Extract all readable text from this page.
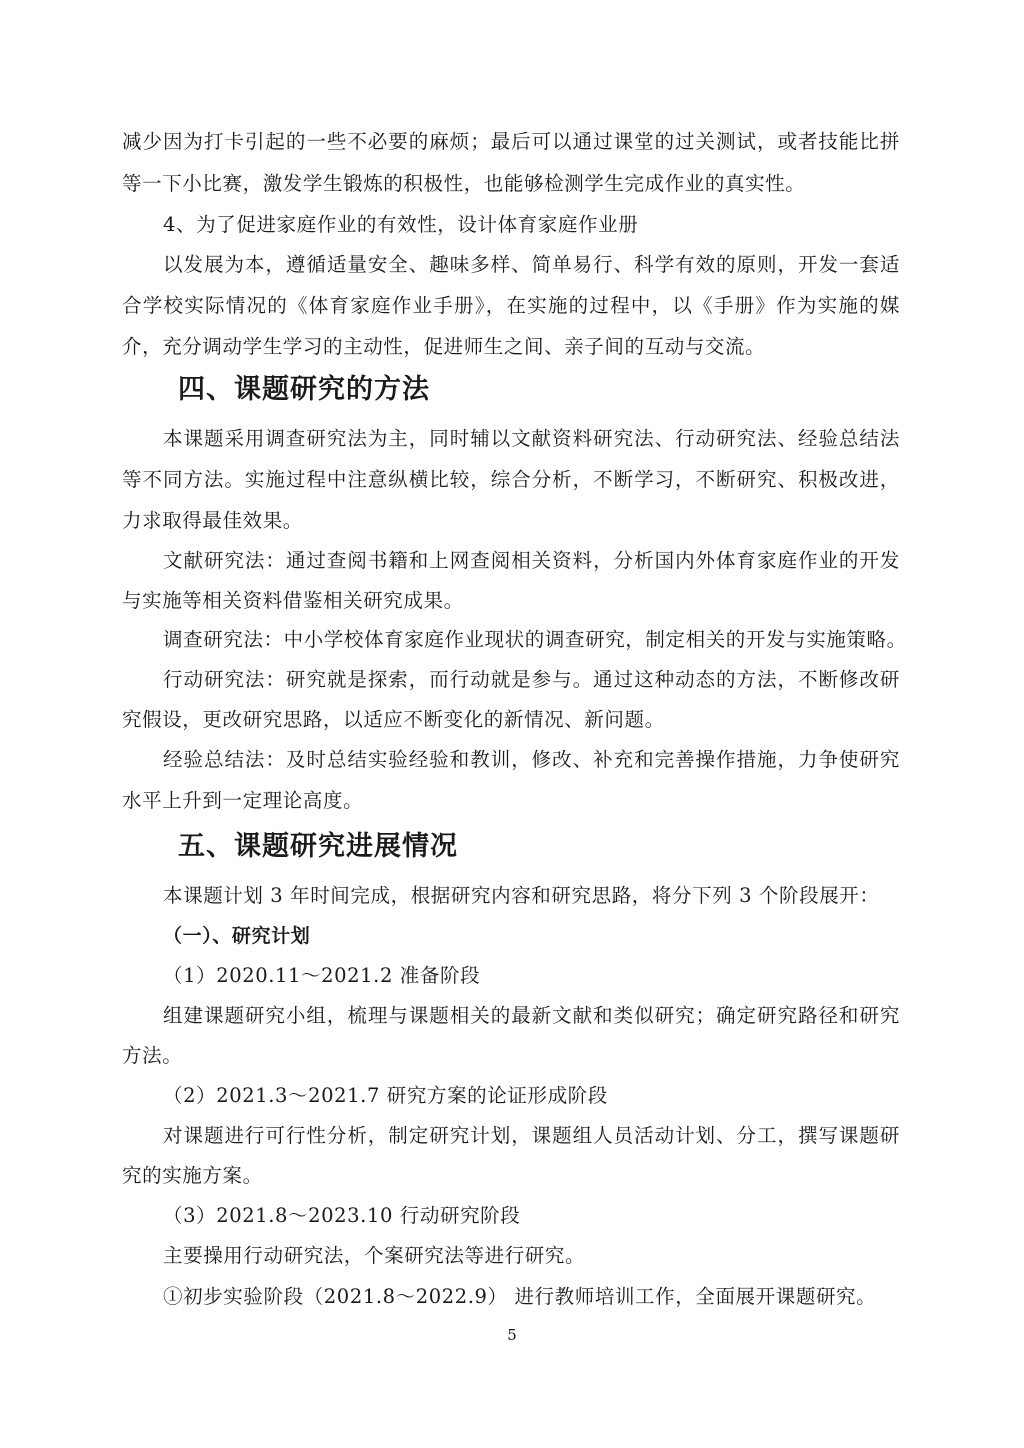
减少因为打卡引起的一些不必要的麻烦；最后可以通过课堂的过关测试，或者技能比拼
等一下小比赛，激发学生锻炼的积极性，也能够检测学生完成作业的真实性。
4、为了促进家庭作业的有效性，设计体育家庭作业册
以发展为本，遵循适量安全、趣味多样、简单易行、科学有效的原则，开发一套适
合学校实际情况的《体育家庭作业手册》，在实施的过程中，以《手册》作为实施的媒
介，充分调动学生学习的主动性，促进师生之间、亲子间的互动与交流。
四、课题研究的方法
本课题采用调查研究法为主，同时辅以文献资料研究法、行动研究法、经验总结法
等不同方法。实施过程中注意纵横比较，综合分析，不断学习，不断研究、积极改进，
力求取得最佳效果。
文献研究法：通过查阅书籍和上网查阅相关资料，分析国内外体育家庭作业的开发
与实施等相关资料借鉴相关研究成果。
调查研究法：中小学校体育家庭作业现状的调查研究，制定相关的开发与实施策略。
行动研究法：研究就是探索，而行动就是参与。通过这种动态的方法，不断修改研
究假设，更改研究思路，以适应不断变化的新情况、新问题。
经验总结法：及时总结实验经验和教训，修改、补充和完善操作措施，力争使研究
水平上升到一定理论高度。
五、课题研究进展情况
本课题计划 3 年时间完成，根据研究内容和研究思路，将分下列 3 个阶段展开：
（一）、研究计划
（1）2020.11～2021.2 准备阶段
组建课题研究小组，梳理与课题相关的最新文献和类似研究；确定研究路径和研究
方法。
（2）2021.3～2021.7 研究方案的论证形成阶段
对课题进行可行性分析，制定研究计划，课题组人员活动计划、分工，撰写课题研
究的实施方案。
（3）2021.8～2023.10 行动研究阶段
主要操用行动研究法，个案研究法等进行研究。
①初步实验阶段（2021.8～2022.9） 进行教师培训工作，全面展开课题研究。
5
